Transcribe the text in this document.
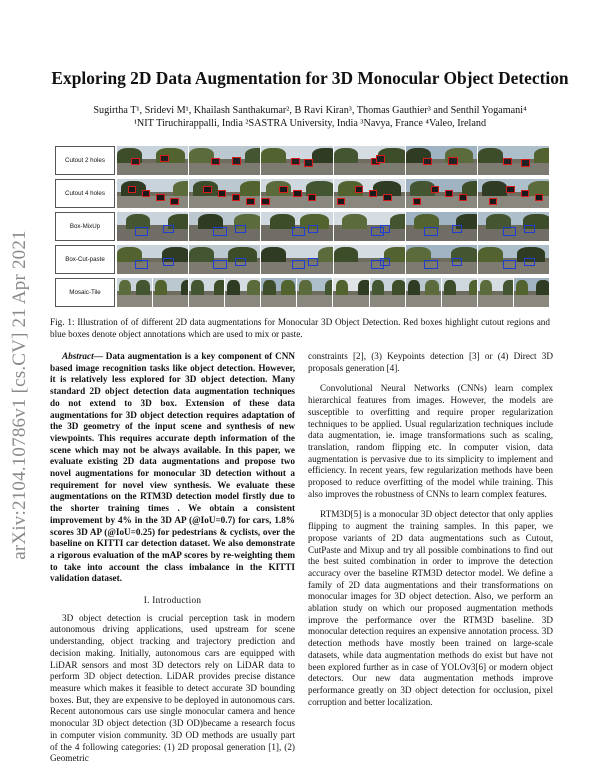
arXiv:2104.10786v1 [cs.CV] 21 Apr 2021
Exploring 2D Data Augmentation for 3D Monocular Object Detection
Sugirtha T¹, Sridevi M¹, Khailash Santhakumar², B Ravi Kiran³, Thomas Gauthier³ and Senthil Yogamani⁴
¹NIT Tiruchirappalli, India ²SASTRA University, India ³Navya, France ⁴Valeo, Ireland
Cutout 2 holes
Cutout 4 holes
Box-MixUp
Box-Cut-paste
Mosaic-Tile
Fig. 1: Illustration of of different 2D data augmentations for Monocular 3D Object Detection. Red boxes highlight cutout regions and blue boxes denote object annotations which are used to mix or paste.

Abstract— Data augmentation is a key component of CNN based image recognition tasks like object detection. However, it is relatively less explored for 3D object detection. Many standard 2D object detection data augmentation techniques do not extend to 3D box. Extension of these data augmentations for 3D object detection requires adaptation of the 3D geometry of the input scene and synthesis of new viewpoints. This requires accurate depth information of the scene which may not be always available. In this paper, we evaluate existing 2D data augmentations and propose two novel augmentations for monocular 3D detection without a requirement for novel view synthesis. We evaluate these augmentations on the RTM3D detection model firstly due to the shorter training times . We obtain a consistent improvement by 4% in the 3D AP (@IoU=0.7) for cars, 1.8% scores 3D AP (@IoU=0.25) for pedestrians & cyclists, over the baseline on KITTI car detection dataset. We also demonstrate a rigorous evaluation of the mAP scores by re-weighting them to take into account the class imbalance in the KITTI validation dataset.

I. Introduction

3D object detection is crucial perception task in modern autonomous driving applications, used upstream for scene understanding, object tracking and trajectory prediction and decision making. Initially, autonomous cars are equipped with LiDAR sensors and most 3D detectors rely on LiDAR data to perform 3D object detection. LiDAR provides precise distance measure which makes it feasible to detect accurate 3D bounding boxes. But, they are expensive to be deployed in autonomous cars. Recent autonomous cars use single monocular camera and hence monocular 3D object detection (3D OD)became a research focus in computer vision community. 3D OD methods are usually part of the 4 following categories: (1) 2D proposal generation [1], (2) Geometric

constraints [2], (3) Keypoints detection [3] or (4) Direct 3D proposals generation [4].

Convolutional Neural Networks (CNNs) learn complex hierarchical features from images. However, the models are susceptible to overfitting and require proper regularization techniques to be applied. Usual regularization techniques include data augmentation, ie. image transformations such as scaling, translation, random flipping etc. In computer vision, data augmentation is pervasive due to its simplicity to implement and efficiency. In recent years, few regularization methods have been proposed to reduce overfitting of the model while training. This also improves the robustness of CNNs to learn complex features.

RTM3D[5] is a monocular 3D object detector that only applies flipping to augment the training samples. In this paper, we propose variants of 2D data augmentations such as Cutout, CutPaste and Mixup and try all possible combinations to find out the best suited combination in order to improve the detection accuracy over the baseline RTM3D detector model. We define a family of 2D data augmentations and their transformations on monocular images for 3D object detection. Also, we perform an ablation study on which our proposed augmentation methods improve the performance over the RTM3D baseline. 3D monocular detection requires an expensive annotation process. 3D detection methods have mostly been trained on large-scale datasets, while data augmentation methods do exist but have not been explored further as in case of YOLOv3[6] or modern object detectors. Our new data augmentation methods improve performance greatly on 3D object detection for occlusion, pixel corruption and better localization.
